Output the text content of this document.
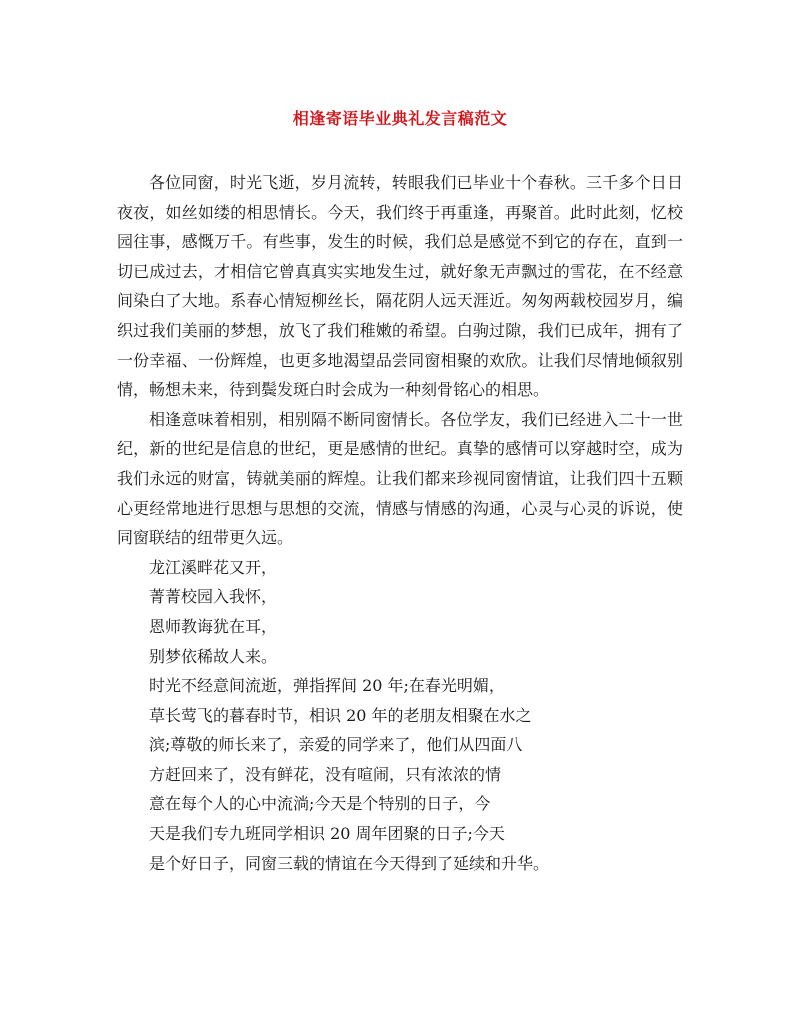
相逢寄语毕业典礼发言稿范文

各位同窗，时光飞逝，岁月流转，转眼我们已毕业十个春秋。三千多个日日夜夜，如丝如缕的相思情长。今天，我们终于再重逢，再聚首。此时此刻，忆校园往事，感慨万千。有些事，发生的时候，我们总是感觉不到它的存在，直到一切已成过去，才相信它曾真真实实地发生过，就好象无声飘过的雪花，在不经意间染白了大地。系春心情短柳丝长，隔花阴人远天涯近。匆匆两载校园岁月，编织过我们美丽的梦想，放飞了我们稚嫩的希望。白驹过隙，我们已成年，拥有了一份幸福、一份辉煌，也更多地渴望品尝同窗相聚的欢欣。让我们尽情地倾叙别情，畅想未来，待到鬓发斑白时会成为一种刻骨铭心的相思。

相逢意味着相别，相别隔不断同窗情长。各位学友，我们已经进入二十一世纪，新的世纪是信息的世纪，更是感情的世纪。真挚的感情可以穿越时空，成为我们永远的财富，铸就美丽的辉煌。让我们都来珍视同窗情谊，让我们四十五颗心更经常地进行思想与思想的交流，情感与情感的沟通，心灵与心灵的诉说，使同窗联结的纽带更久远。

龙江溪畔花又开，

菁菁校园入我怀，

恩师教诲犹在耳，

别梦依稀故人来。

时光不经意间流逝，弹指挥间 20 年;在春光明媚，

草长莺飞的暮春时节，相识 20 年的老朋友相聚在水之

滨;尊敬的师长来了，亲爱的同学来了，他们从四面八

方赶回来了，没有鲜花，没有喧闹，只有浓浓的情

意在每个人的心中流淌;今天是个特别的日子，今

天是我们专九班同学相识 20 周年团聚的日子;今天

是个好日子，同窗三载的情谊在今天得到了延续和升华。
